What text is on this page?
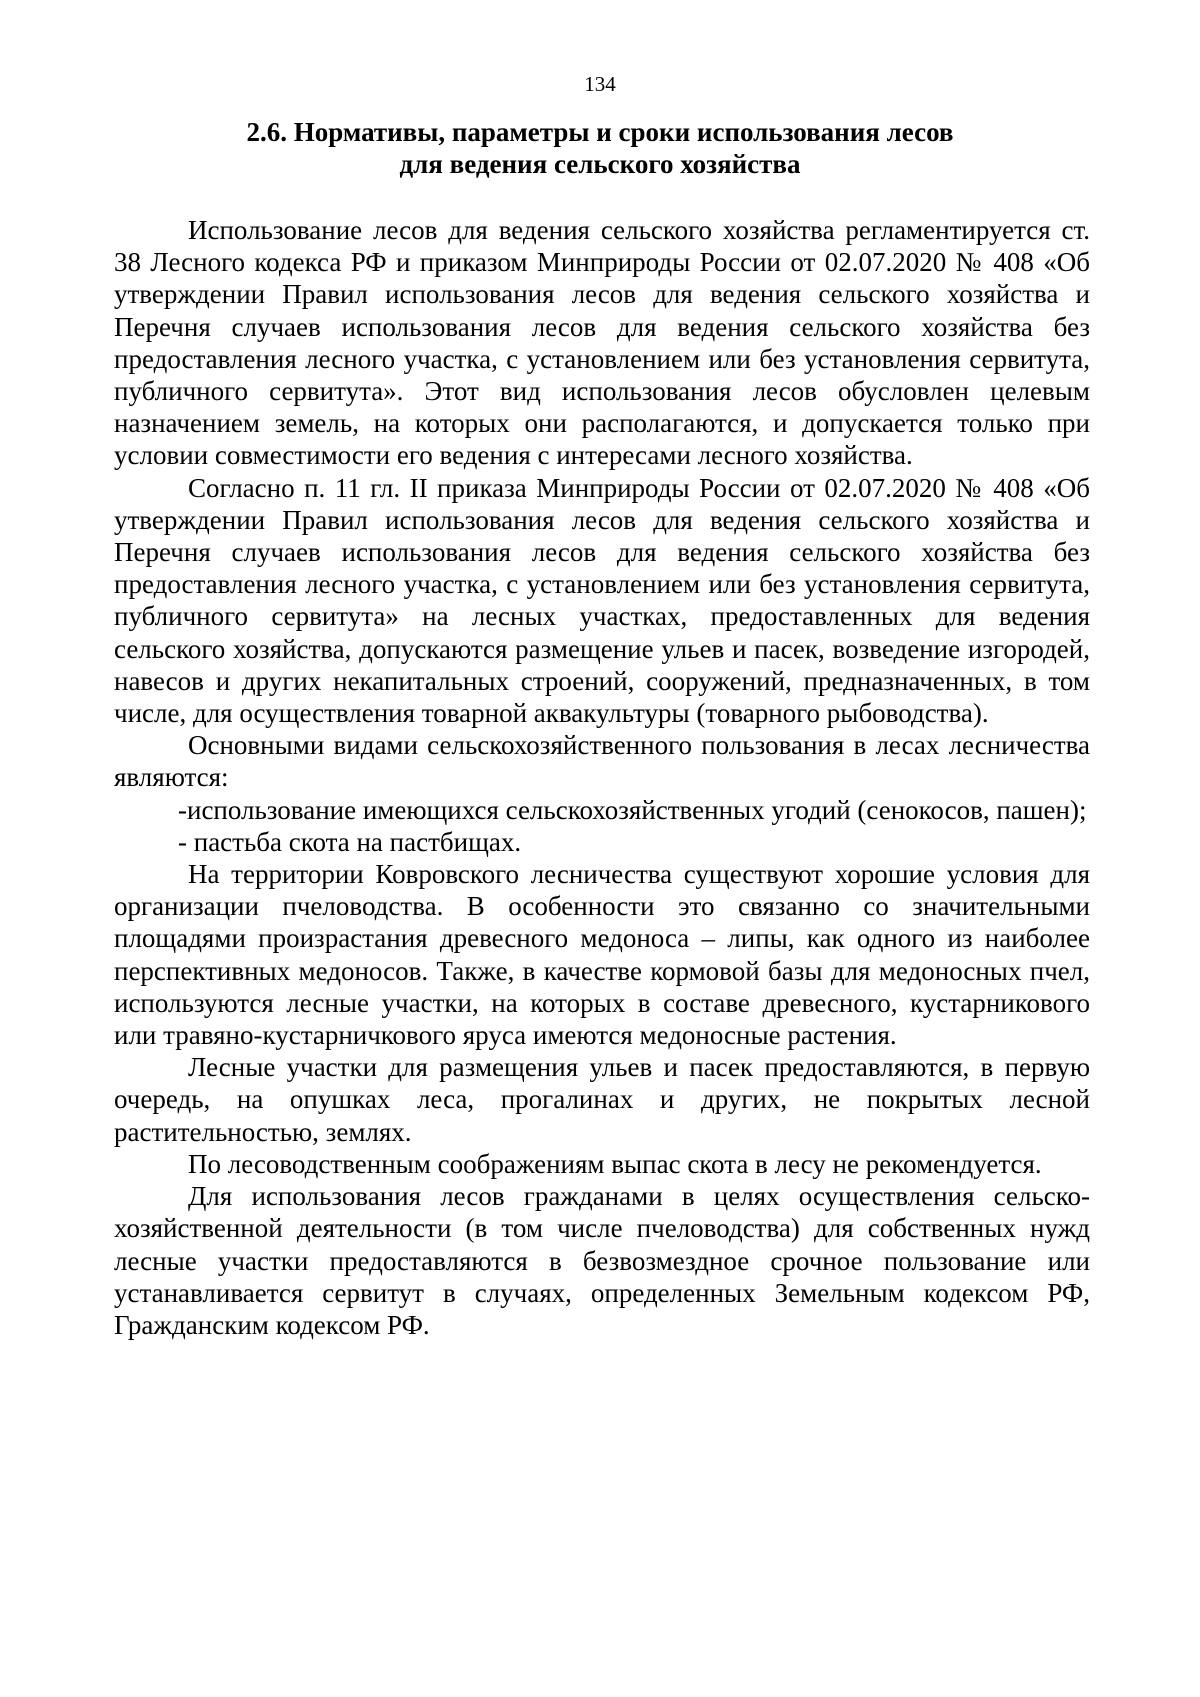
134
2.6. Нормативы, параметры и сроки использования лесов
для ведения сельского хозяйства

Использование лесов для ведения сельского хозяйства регламентируется ст. 38 Лесного кодекса РФ и приказом Минприроды России от 02.07.2020 № 408 «Об утверждении Правил использования лесов для ведения сельского хозяйства и Перечня случаев использования лесов для ведения сельского хозяйства без предоставления лесного участка, с установлением или без установления сервитута, публичного сервитута». Этот вид использования лесов обусловлен целевым назначением земель, на которых они располагаются, и допускается только при условии совместимости его ведения с интересами лесного хозяйства.

Согласно п. 11 гл. II приказа Минприроды России от 02.07.2020 № 408 «Об утверждении Правил использования лесов для ведения сельского хозяйства и Перечня случаев использования лесов для ведения сельского хозяйства без предоставления лесного участка, с установлением или без установления сервитута, публичного сервитута» на лесных участках, предоставленных для ведения сельского хозяйства, допускаются размещение ульев и пасек, возведение изгородей, навесов и других некапитальных строений, сооружений, предназначенных, в том числе, для осуществления товарной аквакультуры (товарного рыбоводства).

Основными видами сельскохозяйственного пользования в лесах лесничества являются:

-использование имеющихся сельскохозяйственных угодий (сенокосов, пашен);

- пастьба скота на пастбищах.

На территории Ковровского лесничества существуют хорошие условия для организации пчеловодства. В особенности это связанно со значительными площадями произрастания древесного медоноса – липы, как одного из наиболее перспективных медоносов. Также, в качестве кормовой базы для медоносных пчел, используются лесные участки, на которых в составе древесного, кустарникового или травяно-кустарничкового яруса имеются медоносные растения.

Лесные участки для размещения ульев и пасек предоставляются, в первую очередь, на опушках леса, прогалинах и других, не покрытых лесной растительностью, землях.

По лесоводственным соображениям выпас скота в лесу не рекомендуется.

Для использования лесов гражданами в целях осуществления сельскохозяйственной деятельности (в том числе пчеловодства) для собственных нужд лесные участки предоставляются в безвозмездное срочное пользование или устанавливается сервитут в случаях, определенных Земельным кодексом РФ, Гражданским кодексом РФ.
